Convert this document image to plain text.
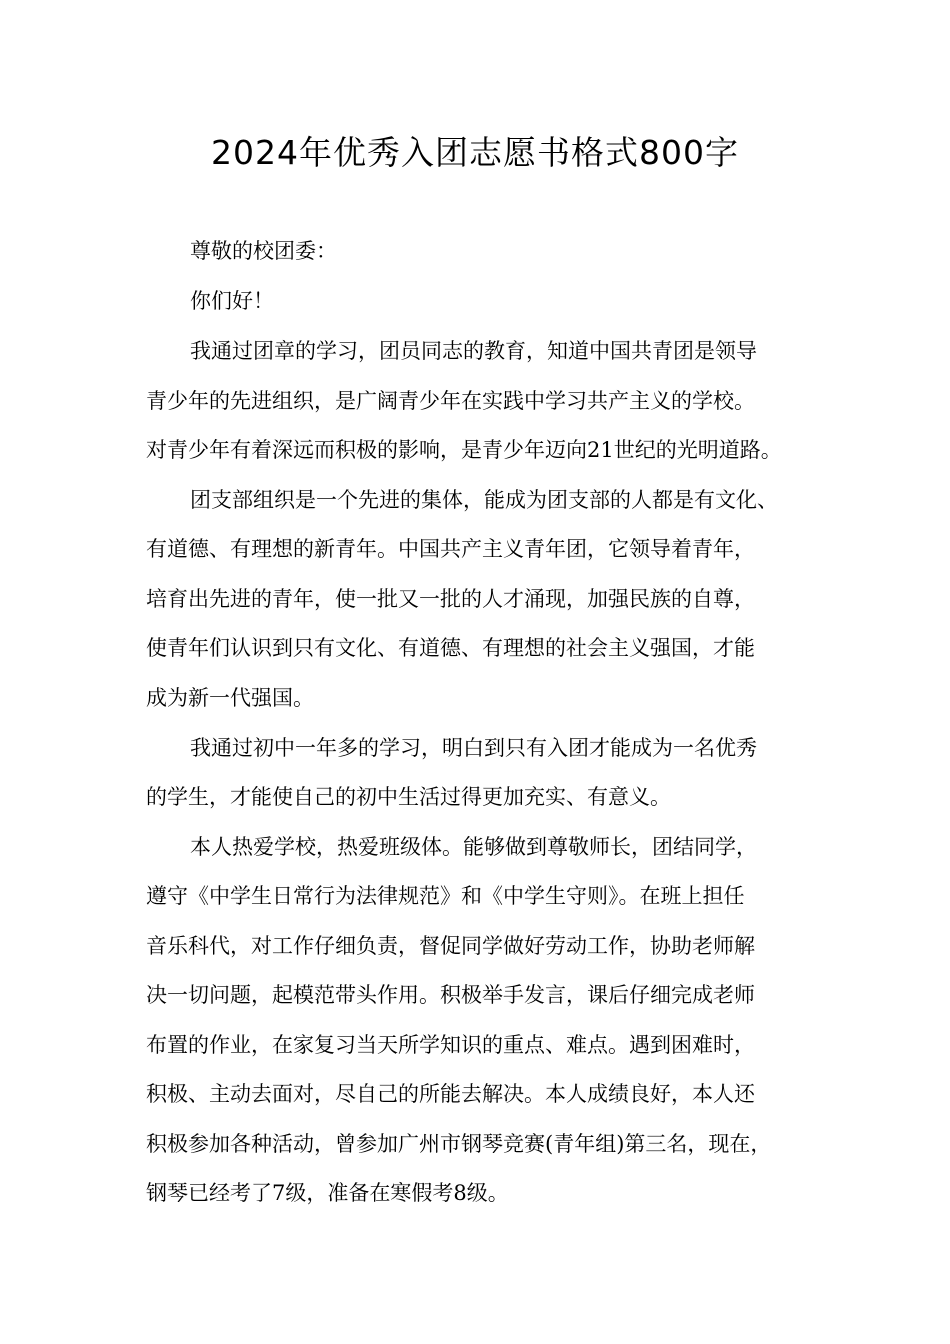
2024年优秀入团志愿书格式800字
尊敬的校团委：
你们好！
我通过团章的学习，团员同志的教育，知道中国共青团是领导
青少年的先进组织，是广阔青少年在实践中学习共产主义的学校。
对青少年有着深远而积极的影响，是青少年迈向21世纪的光明道路。
团支部组织是一个先进的集体，能成为团支部的人都是有文化、
有道德、有理想的新青年。中国共产主义青年团，它领导着青年，
培育出先进的青年，使一批又一批的人才涌现，加强民族的自尊，
使青年们认识到只有文化、有道德、有理想的社会主义强国，才能
成为新一代强国。
我通过初中一年多的学习，明白到只有入团才能成为一名优秀
的学生，才能使自己的初中生活过得更加充实、有意义。
本人热爱学校，热爱班级体。能够做到尊敬师长，团结同学，
遵守《中学生日常行为法律规范》和《中学生守则》。在班上担任
音乐科代，对工作仔细负责，督促同学做好劳动工作，协助老师解
决一切问题，起模范带头作用。积极举手发言，课后仔细完成老师
布置的作业，在家复习当天所学知识的重点、难点。遇到困难时，
积极、主动去面对，尽自己的所能去解决。本人成绩良好，本人还
积极参加各种活动，曾参加广州市钢琴竞赛(青年组)第三名，现在，
钢琴已经考了7级，准备在寒假考8级。
